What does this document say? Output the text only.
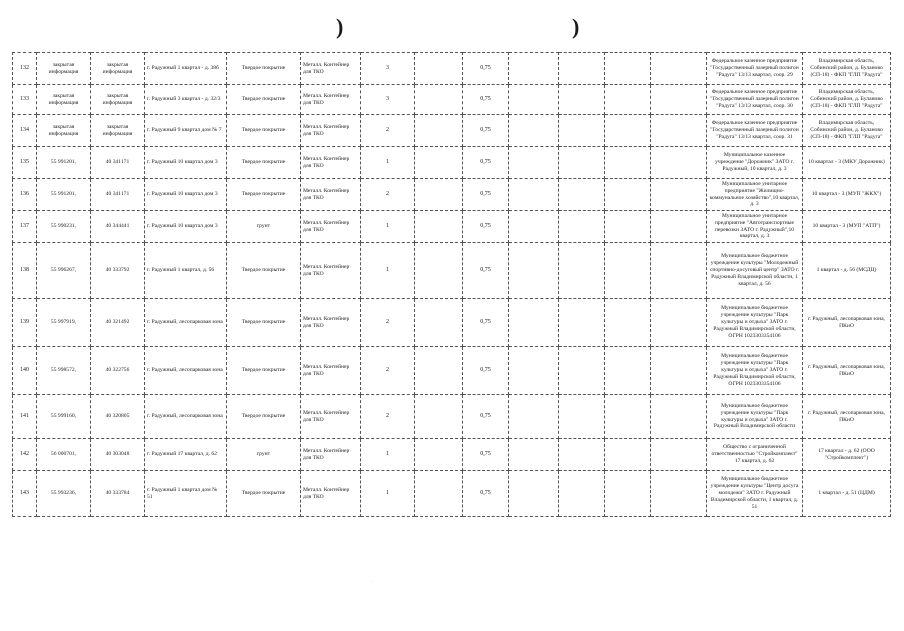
)	)
132	закрытая информация	закрытая информация	г. Радужный 1 квартал - д. 38б	Твердое покрытие	Металл. Контейнер для ТКО	3		0,75					Федеральное казенное предприятие "Государственный лазерный полигон "Радуга" 13/13 квартал, соор. 29	Владимирская область, Собинский район, д. Буланово (СП-18) - ФКП "ГЛП "Радуга"
133	закрытая информация	закрытая информация	г. Радужный 3 квартал - д. 32/3	Твердое покрытие	Металл. Контейнер для ТКО	3		0,75					Федеральное казенное предприятие "Государственный лазерный полигон "Радуга" 13/13 квартал, соор. 30	Владимирская область, Собинский район, д. Буланово (СП-18) - ФКП "ГЛП "Радуга"
134	закрытая информация	закрытая информация	г. Радужный 9 квартал дом № 7	Твердое покрытие	Металл. Контейнер для ТКО	2		0,75					Федеральное казенное предприятие "Государственный лазерный полигон "Радуга" 13/13 квартал, соор. 31	Владимирская область, Собинский район, д. Буланово (СП-18) - ФКП "ГЛП "Радуга"
135	55 991201,	40 341171	г. Радужный 10 квартал дом 3	Твердое покрытие	Металл. Контейнер для ТКО	1		0,75					Муниципальное казенное учреждение "Дорожник" ЗАТО г. Радужный, 10 квартал, д. 3	10 квартал - 3 (МКУ Дорожник)
136	55 991201,	40 341171	г. Радужный 10 квартал дом 3	Твердое покрытие	Металл. Контейнер для ТКО	2		0,75					Муниципальное унитарное предприятие "Жилищно-коммунальное хозяйство",10 квартал, д. 3	10 квартал - 3 (МУП "ЖКХ")
137	55 990231,	40 344441	г. Радужный 10 квартал дом 3	грунт	Металл. Контейнер для ТКО	1		0,75					Муниципальное унитарное предприятие "Автотранспортные перевозки ЗАТО г. Радужный",10 квартал, д. 3	10 квартал - 3 (МУП "АТП")
138	55 996267,	40 333792	г. Радужный 1 квартал, д. 56	Твердое покрытие	Металл. Контейнер для ТКО	1		0,75					Муниципальное бюджетное учреждение культуры "Молодежный спортивно-досуговый центр" ЗАТО г. Радужный Владимирской области, 1 квартал, д. 56	1 квартал - д. 56 (МСДЦ)
139	55 997919,	40 321492	г. Радужный, лесопарковая зона	Твердое покрытие	Металл. Контейнер для ТКО	2		0,75					Муниципальное бюджетное учреждение культуры "Парк культуры и отдыха" ЗАТО г. Радужный Владимирской области, ОГРН 1023303354106	г. Радужный, лесопарковая зона, ПКиО
140	55 998572,	40 322756	г. Радужный, лесопарковая зона	Твердое покрытие	Металл. Контейнер для ТКО	2		0,75					Муниципальное бюджетное учреждение культуры "Парк культуры и отдыха" ЗАТО г. Радужный Владимирской области, ОГРН 1023303354106	г. Радужный, лесопарковая зона, ПКиО
141	55 999160,	40 320805	г. Радужный, лесопарковая зона	Твердое покрытие	Металл. Контейнер для ТКО	2		0,75					Муниципальное бюджетное учреждение культуры "Парк культуры и отдыха" ЗАТО г. Радужный Владимирской области	г. Радужный, лесопарковая зона, ПКиО
142	56 000701,	40 303048	г. Радужный 17 квартал, д. 62	грунт	Металл. Контейнер для ТКО	1		0,75					Общество с ограниченной ответственностью "Стройкомплект" 17 квартал, д. 62	17 квартал - д. 62 (ООО "Стройкомплект")
143	55 993236,	40 333784	г. Радужный 1 квартал дом № 51	Твердое покрытие	Металл. Контейнер для ТКО	1		0,75					Муниципальное бюджетное учреждение культуры "Центр досуга молодежи" ЗАТО г. Радужный Владимирской области, 1 квартал, д. 51	1 квартал - д. 51 (ЦДМ)
·
